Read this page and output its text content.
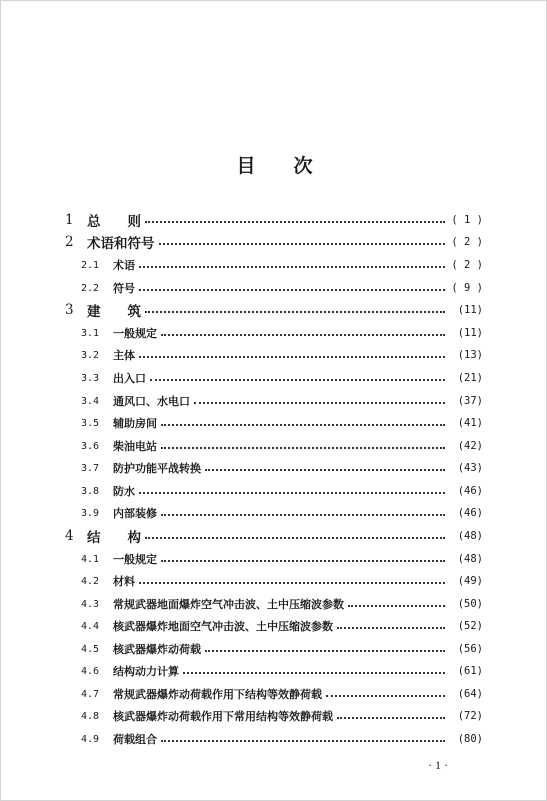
目 次
1 总　　则	( 1 )
2 术语和符号	( 2 )
2.1	术语	( 2 )
2.2	符号	( 9 )
3 建　　筑	(11)
3.1	一般规定	(11)
3.2	主体	(13)
3.3	出入口	(21)
3.4	通风口、水电口	(37)
3.5	辅助房间	(41)
3.6	柴油电站	(42)
3.7	防护功能平战转换	(43)
3.8	防水	(46)
3.9	内部装修	(46)
4 结　　构	(48)
4.1	一般规定	(48)
4.2	材料	(49)
4.3	常规武器地面爆炸空气冲击波、土中压缩波参数	(50)
4.4	核武器爆炸地面空气冲击波、土中压缩波参数	(52)
4.5	核武器爆炸动荷载	(56)
4.6	结构动力计算	(61)
4.7	常规武器爆炸动荷载作用下结构等效静荷载	(64)
4.8	核武器爆炸动荷载作用下常用结构等效静荷载	(72)
4.9	荷载组合	(80)
·1·
